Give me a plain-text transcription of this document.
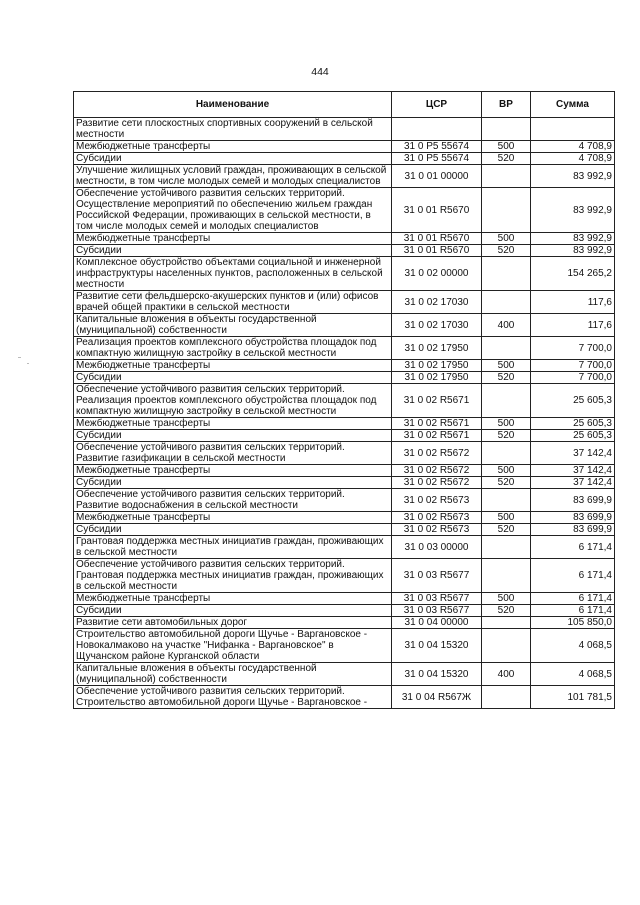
444
Наименование	ЦСР	ВР	Сумма
Развитие сети плоскостных спортивных сооружений в сельской местности			
Межбюджетные трансферты	31 0 P5 55674	500	4 708,9
Субсидии	31 0 P5 55674	520	4 708,9
Улучшение жилищных условий граждан, проживающих в сельской местности, в том числе молодых семей и молодых специалистов	31 0 01 00000		83 992,9
Обеспечение устойчивого развития сельских территорий. Осуществление мероприятий по обеспечению жильем граждан Российской Федерации, проживающих в сельской местности, в том числе молодых семей и молодых специалистов	31 0 01 R5670		83 992,9
Межбюджетные трансферты	31 0 01 R5670	500	83 992,9
Субсидии	31 0 01 R5670	520	83 992,9
Комплексное обустройство объектами социальной и инженерной инфраструктуры населенных пунктов, расположенных в сельской местности	31 0 02 00000		154 265,2
Развитие сети фельдшерско-акушерских пунктов и (или) офисов врачей общей практики в сельской местности	31 0 02 17030		117,6
Капитальные вложения в объекты государственной (муниципальной) собственности	31 0 02 17030	400	117,6
Реализация проектов комплексного обустройства площадок под компактную жилищную застройку в сельской местности	31 0 02 17950		7 700,0
Межбюджетные трансферты	31 0 02 17950	500	7 700,0
Субсидии	31 0 02 17950	520	7 700,0
Обеспечение устойчивого развития сельских территорий. Реализация проектов комплексного обустройства площадок под компактную жилищную застройку в сельской местности	31 0 02 R5671		25 605,3
Межбюджетные трансферты	31 0 02 R5671	500	25 605,3
Субсидии	31 0 02 R5671	520	25 605,3
Обеспечение устойчивого развития сельских территорий. Развитие газификации в сельской местности	31 0 02 R5672		37 142,4
Межбюджетные трансферты	31 0 02 R5672	500	37 142,4
Субсидии	31 0 02 R5672	520	37 142,4
Обеспечение устойчивого развития сельских территорий. Развитие водоснабжения в сельской местности	31 0 02 R5673		83 699,9
Межбюджетные трансферты	31 0 02 R5673	500	83 699,9
Субсидии	31 0 02 R5673	520	83 699,9
Грантовая поддержка местных инициатив граждан, проживающих в сельской местности	31 0 03 00000		6 171,4
Обеспечение устойчивого развития сельских территорий. Грантовая поддержка местных инициатив граждан, проживающих в сельской местности	31 0 03 R5677		6 171,4
Межбюджетные трансферты	31 0 03 R5677	500	6 171,4
Субсидии	31 0 03 R5677	520	6 171,4
Развитие сети автомобильных дорог	31 0 04 00000		105 850,0
Строительство автомобильной дороги Щучье - Варгановское - Новокалмаково на участке "Нифанка - Варгановское" в Щучанском районе Курганской области	31 0 04 15320		4 068,5
Капитальные вложения в объекты государственной (муниципальной) собственности	31 0 04 15320	400	4 068,5
Обеспечение устойчивого развития сельских территорий. Строительство автомобильной дороги Щучье - Варгановское -	31 0 04 R567Ж		101 781,5
